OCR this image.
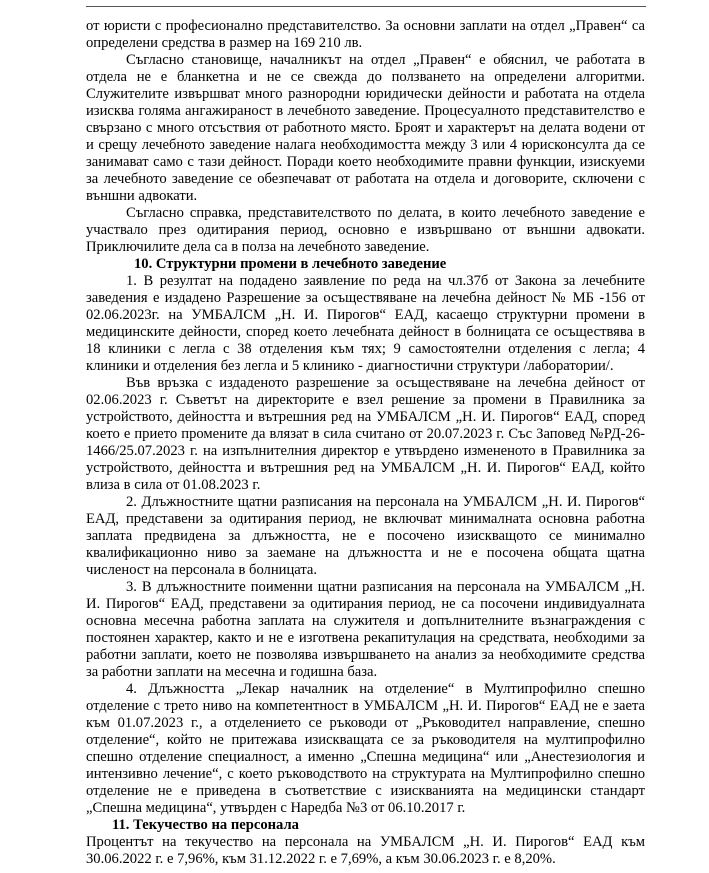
от юристи с професионално представителство. За основни заплати на отдел „Правен“ са определени средства в размер на 169 210 лв.

Съгласно становище, началникът на отдел „Правен“ е обяснил, че работата в отдела не е бланкетна и не се свежда до ползването на определени алгоритми. Служителите извършват много разнородни юридически дейности и работата на отдела изисква голяма ангажираност в лечебното заведение. Процесуалното представителство е свързано с много отсъствия от работното място. Броят и характерът на делата водени от и срещу лечебното заведение налага необходимостта между 3 или 4 юрисконсулта да се занимават само с тази дейност. Поради което необходимите правни функции, изискуеми за лечебното заведение се обезпечават от работата на отдела и договорите, сключени с външни адвокати.

Съгласно справка, представителството по делата, в които лечебното заведение е участвало през одитирания период, основно е извършвано от външни адвокати. Приключилите дела са в полза на лечебното заведение.

10. Структурни промени в лечебното заведение

1. В резултат на подадено заявление по реда на чл.37б от Закона за лечебните заведения е издадено Разрешение за осъществяване на лечебна дейност № МБ -156 от 02.06.2023г. на УМБАЛСМ „Н. И. Пирогов“ ЕАД, касаещо структурни промени в медицинските дейности, според което лечебната дейност в болницата се осъществява в 18 клиники с легла с 38 отделения към тях; 9 самостоятелни отделения с легла; 4 клиники и отделения без легла и 5 клинико - диагностични структури /лаборатории/.

Във връзка с издаденото разрешение за осъществяване на лечебна дейност от 02.06.2023 г. Съветът на директорите е взел решение за промени в Правилника за устройството, дейността и вътрешния ред на УМБАЛСМ „Н. И. Пирогов“ ЕАД, според което е прието промените да влязат в сила считано от 20.07.2023 г. Със Заповед №РД-26-1466/25.07.2023 г. на изпълнителния директор е утвърдено измененото в Правилника за устройството, дейността и вътрешния ред на УМБАЛСМ „Н. И. Пирогов“ ЕАД, който влиза в сила от 01.08.2023 г.

2. Длъжностните щатни разписания на персонала на УМБАЛСМ „Н. И. Пирогов“ ЕАД, представени за одитирания период, не включват минималната основна работна заплата предвидена за длъжността, не е посочено изискващото се минимално квалификационно ниво за заемане на длъжността и не е посочена общата щатна численост на персонала в болницата.

3. В длъжностните поименни щатни разписания на персонала на УМБАЛСМ „Н. И. Пирогов“ ЕАД, представени за одитирания период, не са посочени индивидуалната основна месечна работна заплата на служителя и допълнителните възнаграждения с постоянен характер, както и не е изготвена рекапитулация на средствата, необходими за работни заплати, което не позволява извършването на анализ за необходимите средства за работни заплати на месечна и годишна база.

4. Длъжността „Лекар началник на отделение“ в Мултипрофилно спешно отделение с трето ниво на компетентност в УМБАЛСМ „Н. И. Пирогов“ ЕАД не е заета към 01.07.2023 г., а отделението се ръководи от „Ръководител направление, спешно отделение“, който не притежава изискващата се за ръководителя на мултипрофилно спешно отделение специалност, а именно „Спешна медицина“ или „Анестезиология и интензивно лечение“, с което ръководството на структурата на Мултипрофилно спешно отделение не е приведена в съответствие с изискванията на медицински стандарт „Спешна медицина“, утвърден с Наредба №3 от 06.10.2017 г.

11. Текучество на персонала

Процентът на текучество на персонала на УМБАЛСМ „Н. И. Пирогов“ ЕАД към 30.06.2022 г. е 7,96%, към 31.12.2022 г. е 7,69%, а към 30.06.2023 г. е 8,20%.
